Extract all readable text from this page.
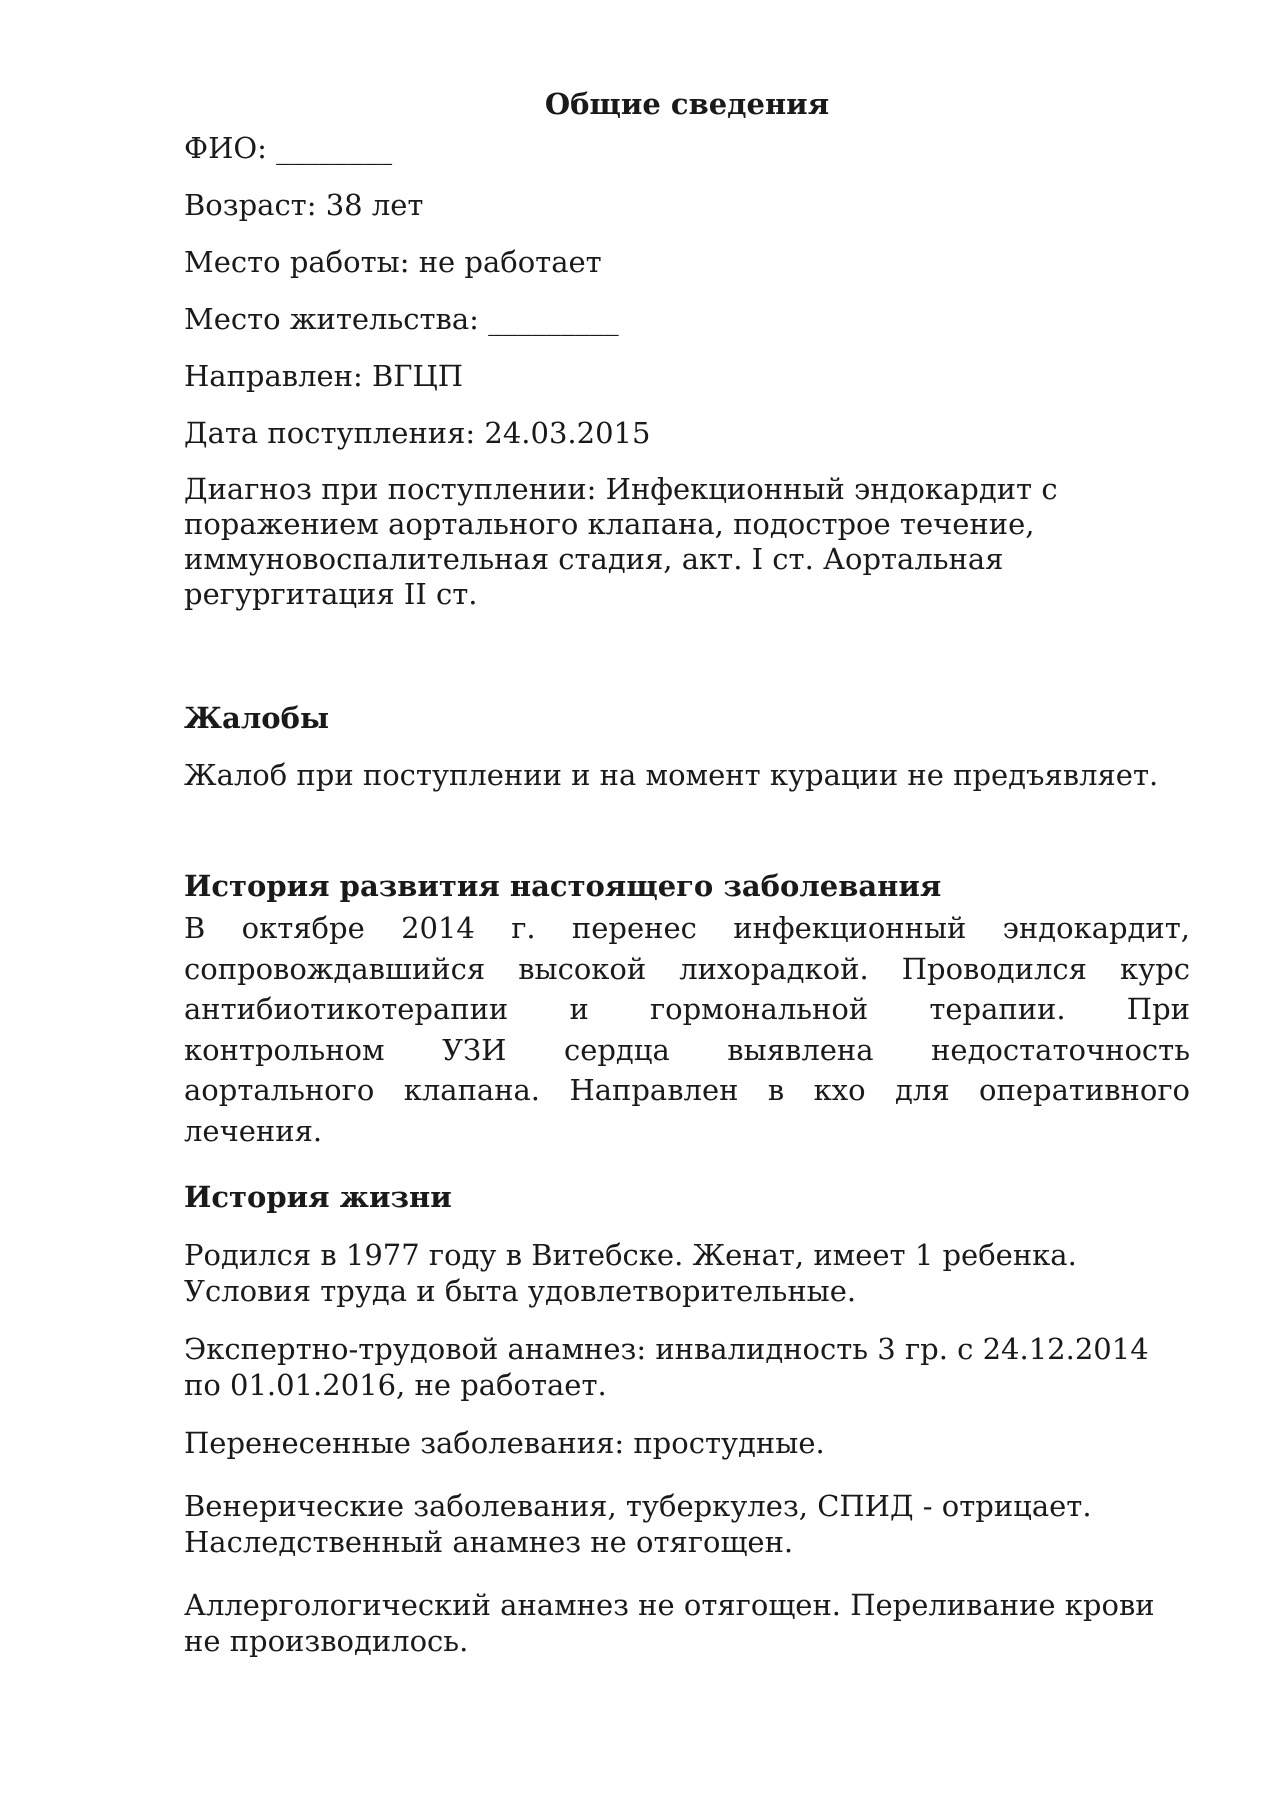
Общие сведения
ФИО: ________
Возраст: 38 лет
Место работы: не работает
Место жительства: _________
Направлен: ВГЦП
Дата поступления: 24.03.2015
Диагноз при поступлении: Инфекционный эндокардит с поражением аортального клапана, подострое течение, иммуновоспалительная стадия, акт. I ст. Аортальная регургитация II ст.
Жалобы
Жалоб при поступлении и на момент курации не предъявляет.
История развития настоящего заболевания
В октябре 2014 г. перенес инфекционный эндокардит, сопровождавшийся высокой лихорадкой. Проводился курс антибиотикотерапии и гормональной терапии. При контрольном УЗИ сердца выявлена недостаточность аортального клапана. Направлен в кхо для оперативного лечения.
История жизни
Родился в 1977 году в Витебске. Женат, имеет 1 ребенка. Условия труда и быта удовлетворительные.
Экспертно-трудовой анамнез: инвалидность 3 гр. с 24.12.2014 по 01.01.2016, не работает.
Перенесенные заболевания: простудные.
Венерические заболевания, туберкулез, СПИД - отрицает. Наследственный анамнез не отягощен.
Аллергологический анамнез не отягощен. Переливание крови не производилось.
